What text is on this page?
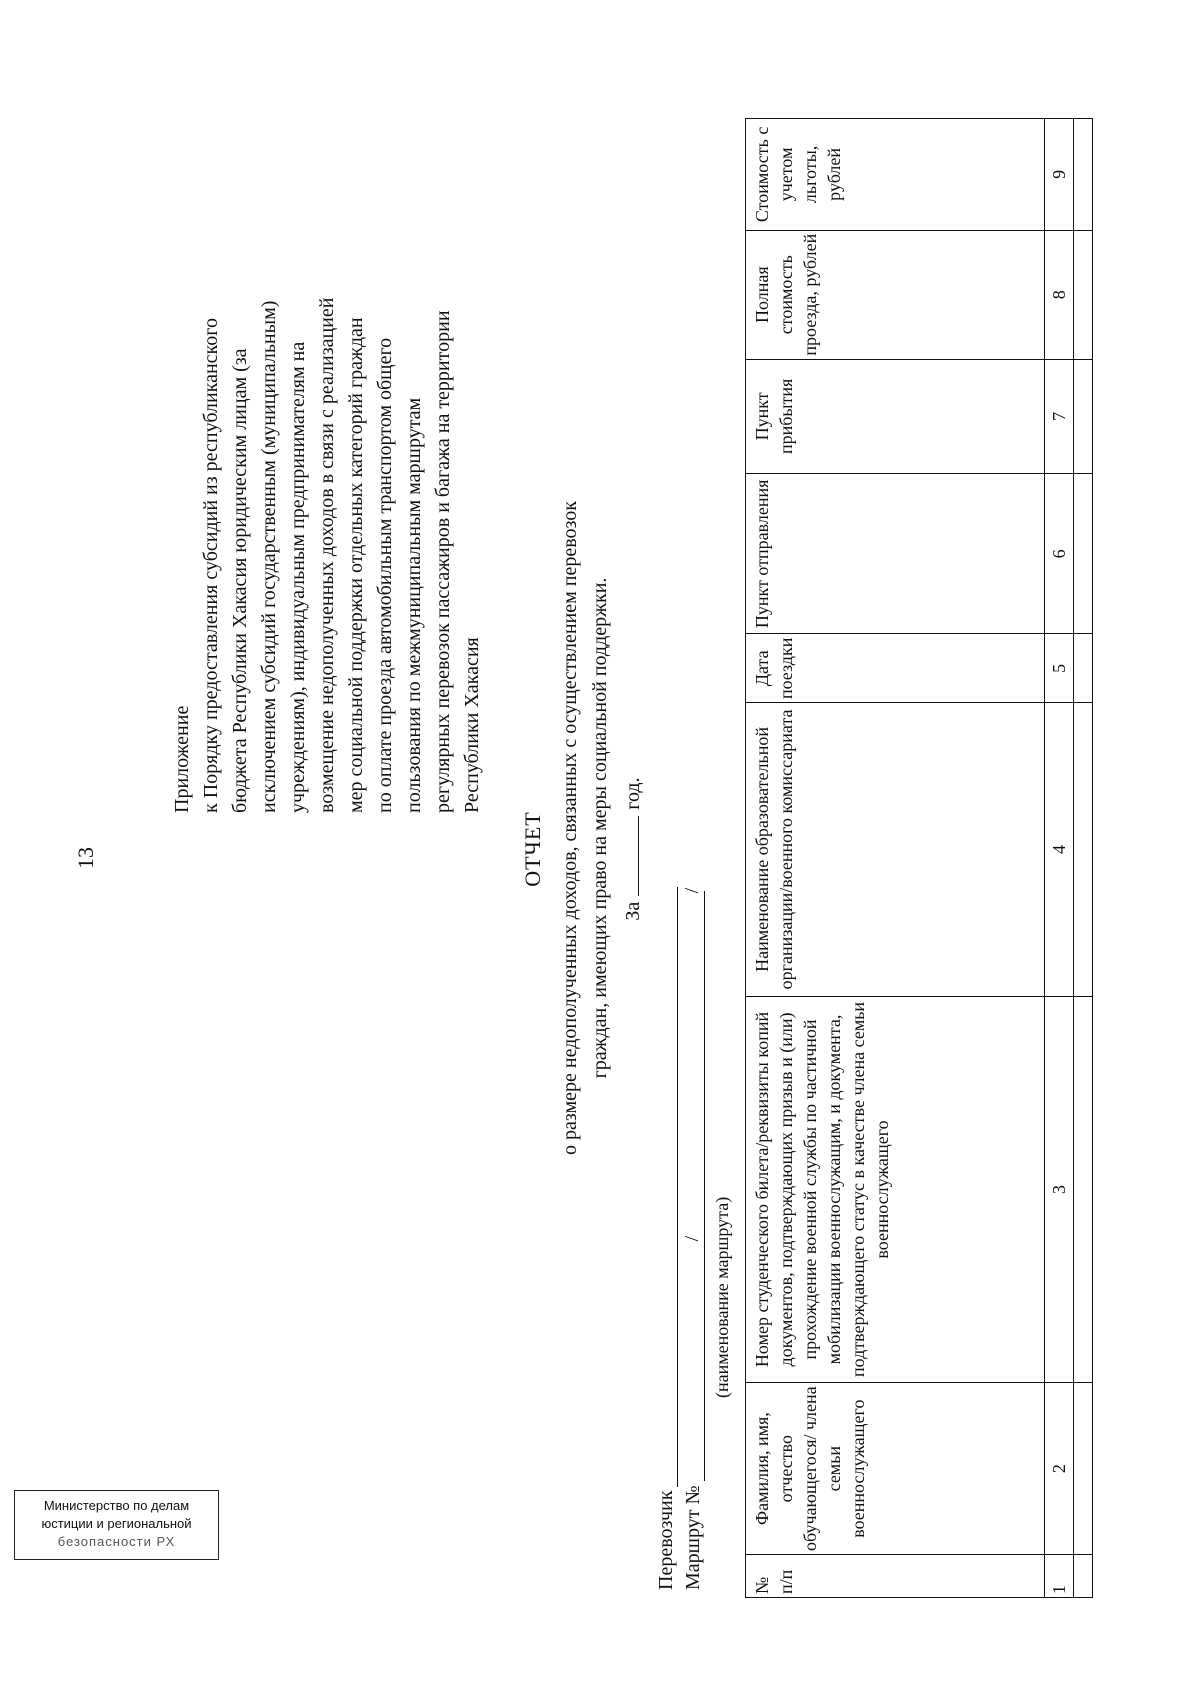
13
Приложение к Порядку предоставления субсидий из республиканского
бюджета Республики Хакасия юридическим лицам (за
исключением субсидий государственным (муниципальным)
учреждениям), индивидуальным предпринимателям на
возмещение недополученных доходов в связи с реализацией
мер социальной поддержки отдельных категорий граждан
по оплате проезда автомобильным транспортом общего
пользования по межмуниципальным маршрутам
регулярных перевозок пассажиров и багажа на территории
Республики Хакасия
ОТЧЕТ о размере недополученных доходов, связанных с осуществлением перевозок граждан, имеющих право на меры социальной поддержки. Загод.
Перевозчик Маршрут №
/
/
(наименование маршрута)
№ п/п	Фамилия, имя, отчество обучающегося/ члена семьи военнослужащего	Номер студенческого билета/реквизиты копий документов, подтверждающих призыв и (или) прохождение военной службы по частичной мобилизации военнослужащим, и документа, подтверждающего статус в качестве члена семьи военнослужащего	Наименование образовательной организации/военного комиссариата	Дата поездки	Пункт отправления	Пункт прибытия	Полная стоимость проезда, рублей	Стоимость с учетом льготы, рублей
1	2	3	4	5	6	7	8	9

Министерство по делам
юстиции и региональной
безопасности РХ
